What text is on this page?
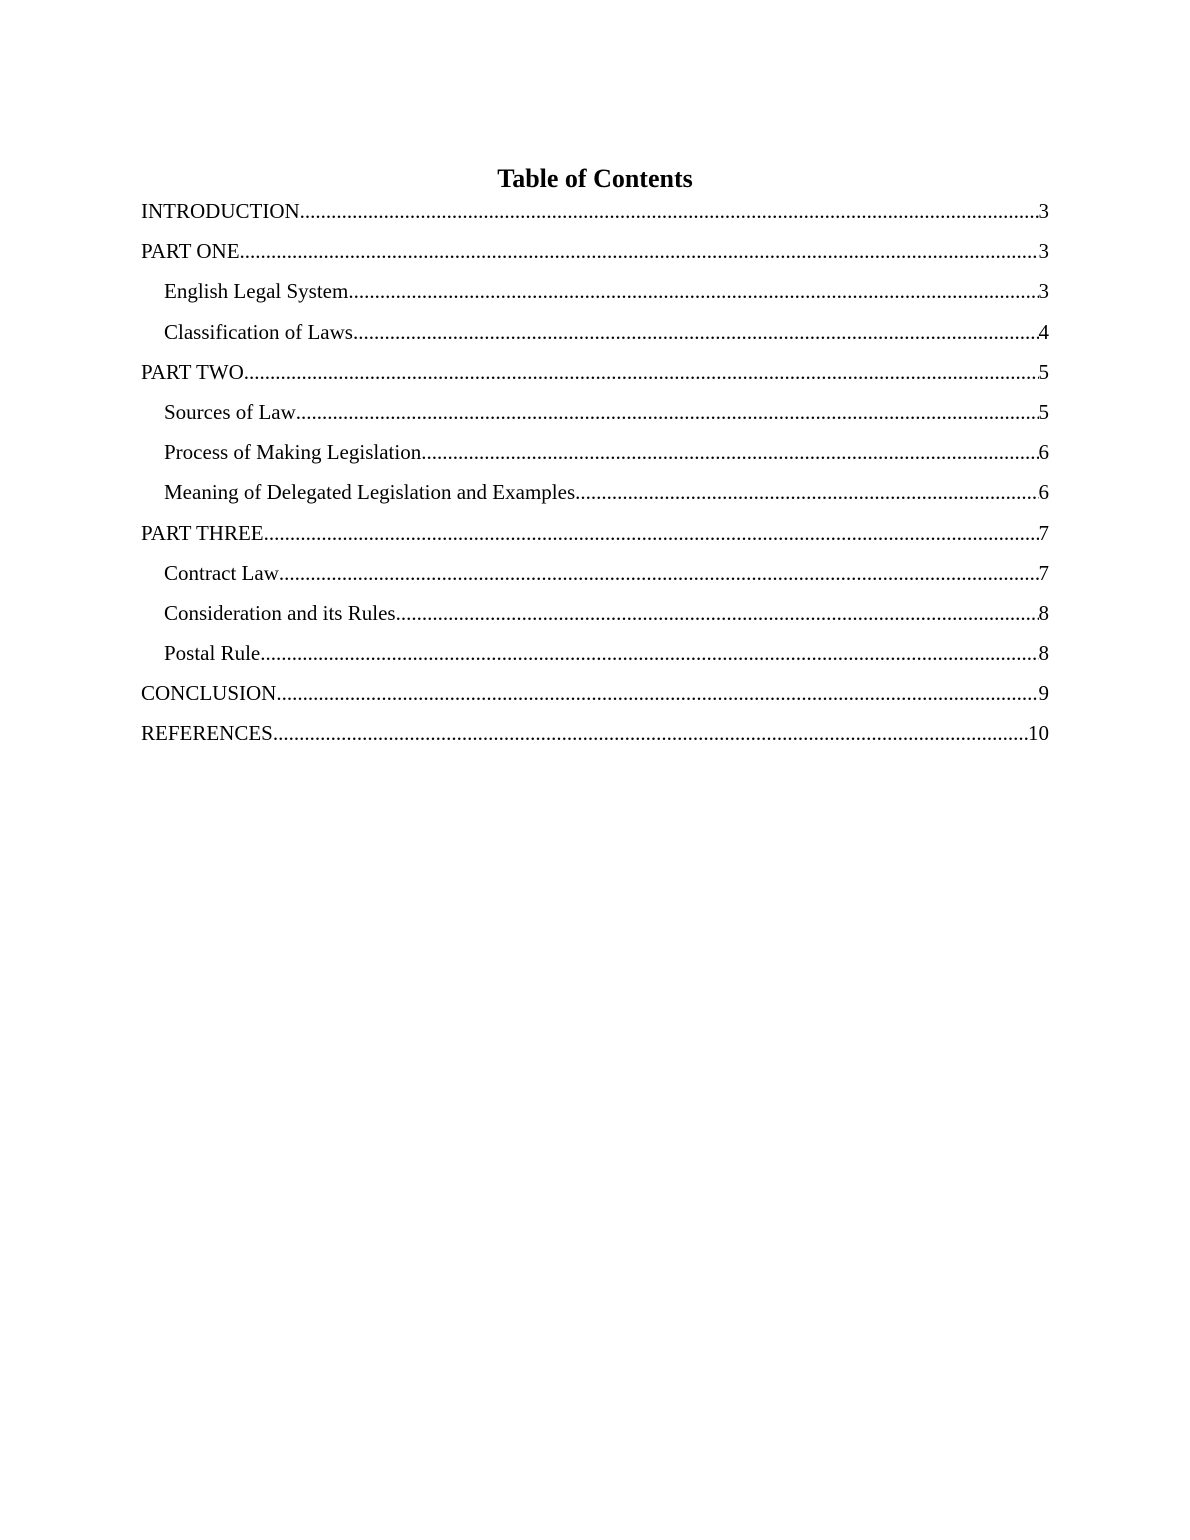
Table of Contents
INTRODUCTION .....	3
PART ONE .....	3
English Legal System .....	3
Classification of Laws .....	4
PART TWO .....	5
Sources of Law .....	5
Process of Making Legislation .....	6
Meaning of Delegated Legislation and Examples .....	6
PART THREE .....	7
Contract Law .....	7
Consideration and its Rules .....	8
Postal Rule .....	8
CONCLUSION .....	9
REFERENCES .....	10
